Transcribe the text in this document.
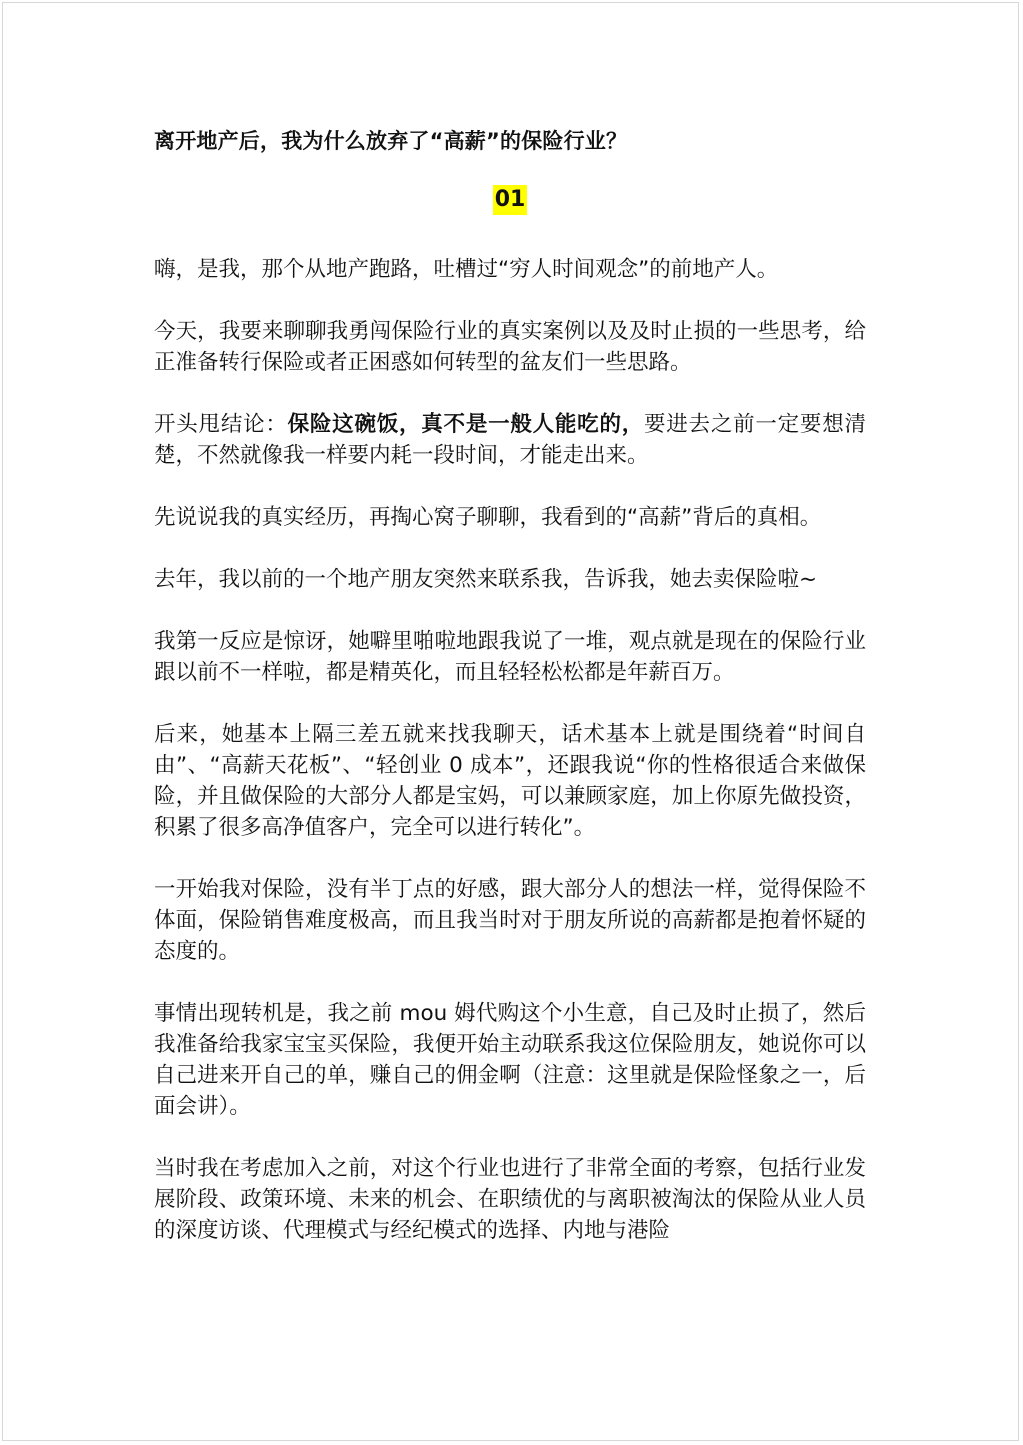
离开地产后，我为什么放弃了“高薪”的保险行业？
01

嗨，是我，那个从地产跑路，吐槽过“穷人时间观念”的前地产人。

今天，我要来聊聊我勇闯保险行业的真实案例以及及时止损的一些思考，给正准备转行保险或者正困惑如何转型的盆友们一些思路。

开头甩结论：保险这碗饭，真不是一般人能吃的，要进去之前一定要想清楚，不然就像我一样要内耗一段时间，才能走出来。

先说说我的真实经历，再掏心窝子聊聊，我看到的“高薪”背后的真相。

去年，我以前的一个地产朋友突然来联系我，告诉我，她去卖保险啦~

我第一反应是惊讶，她噼里啪啦地跟我说了一堆，观点就是现在的保险行业跟以前不一样啦，都是精英化，而且轻轻松松都是年薪百万。

后来，她基本上隔三差五就来找我聊天，话术基本上就是围绕着“时间自由”、“高薪天花板”、“轻创业 0 成本”，还跟我说“你的性格很适合来做保险，并且做保险的大部分人都是宝妈，可以兼顾家庭，加上你原先做投资，积累了很多高净值客户，完全可以进行转化”。

一开始我对保险，没有半丁点的好感，跟大部分人的想法一样，觉得保险不体面，保险销售难度极高，而且我当时对于朋友所说的高薪都是抱着怀疑的态度的。

事情出现转机是，我之前 mou 姆代购这个小生意，自己及时止损了，然后我准备给我家宝宝买保险，我便开始主动联系我这位保险朋友，她说你可以自己进来开自己的单，赚自己的佣金啊（注意：这里就是保险怪象之一，后面会讲）。

当时我在考虑加入之前，对这个行业也进行了非常全面的考察，包括行业发展阶段、政策环境、未来的机会、在职绩优的与离职被淘汰的保险从业人员的深度访谈、代理模式与经纪模式的选择、内地与港险
